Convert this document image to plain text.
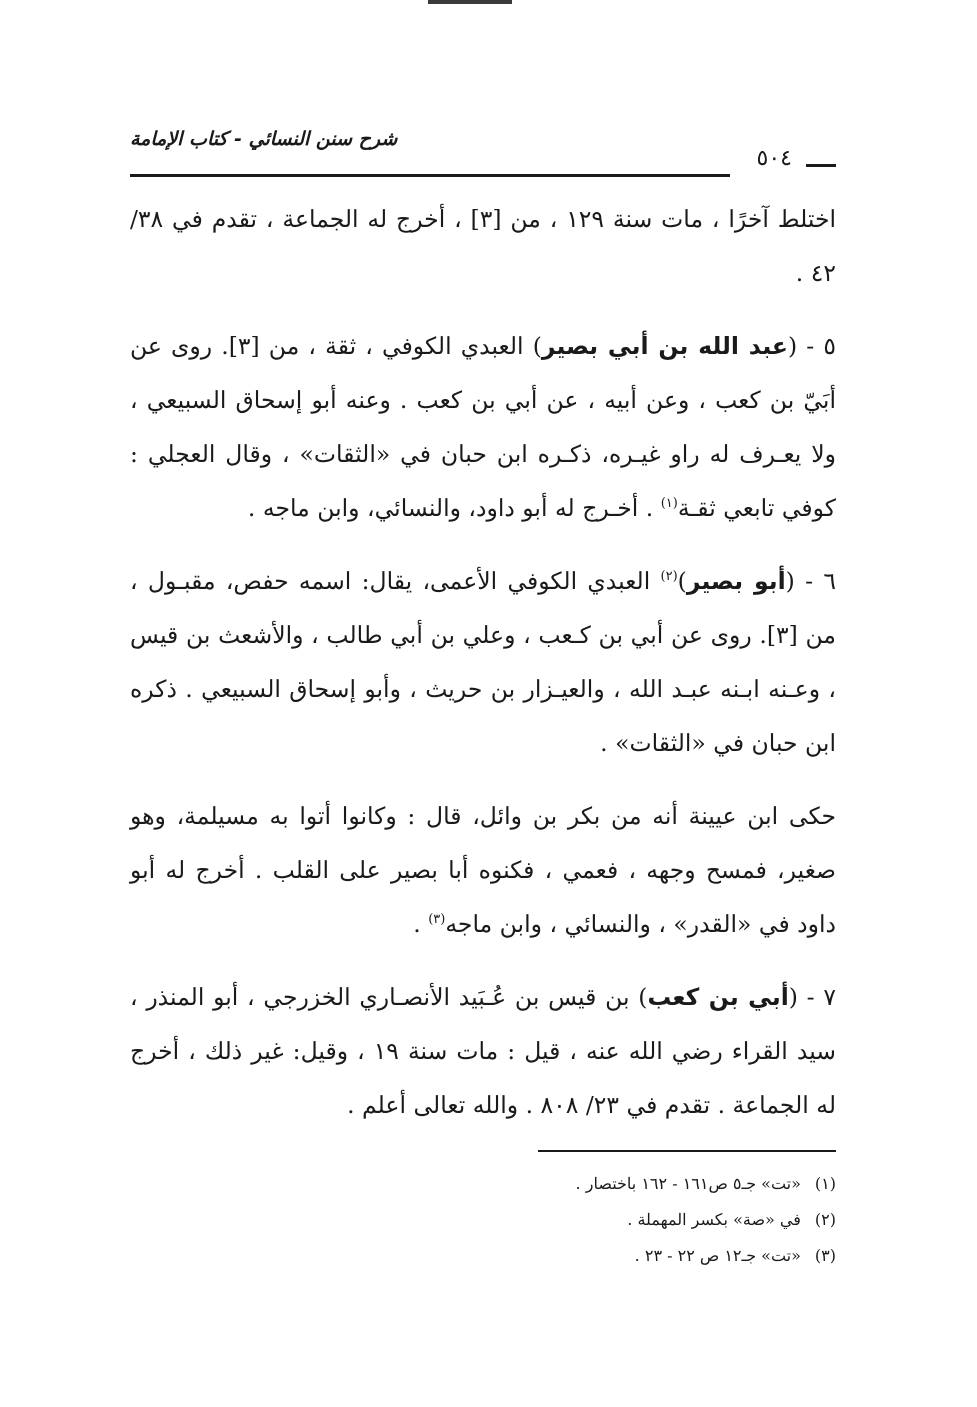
شرح سنن النسائي - كتاب الإمامة
٥٠٤

اختلط آخرًا ، مات سنة ١٢٩ ، من [٣] ، أخرج له الجماعة ، تقدم في ٣٨/ ٤٢ .

٥ - (عبد الله بن أبي بصير) العبدي الكوفي ، ثقة ، من [٣]. روى عن أبَيّ بن كعب ، وعن أبيه ، عن أبي بن كعب . وعنه أبو إسحاق السبيعي ، ولا يعـرف له راو غيـره، ذكـره ابن حبان في «الثقات» ، وقال العجلي : كوفي تابعي ثقـة$^{(١)}$ . أخـرج له أبو داود، والنسائي، وابن ماجه .

٦ - (أبو بصير)$^{(٢)}$ العبدي الكوفي الأعمى، يقال: اسمه حفص، مقبـول ، من [٣]. روى عن أبي بن كـعب ، وعلي بن أبي طالب ، والأشعث بن قيس ، وعـنه ابـنه عبـد الله ، والعيـزار بن حريث ، وأبو إسحاق السبيعي . ذكره ابن حبان في «الثقات» .

حكى ابن عيينة أنه من بكر بن وائل، قال : وكانوا أتوا به مسيلمة، وهو صغير، فمسح وجهه ، فعمي ، فكنوه أبا بصير على القلب . أخرج له أبو داود في «القدر» ، والنسائي ، وابن ماجه$^{(٣)}$ .

٧ - (أبي بن كعب) بن قيس بن عُـبَيد الأنصـاري الخزرجي ، أبو المنذر ، سيد القراء رضي الله عنه ، قيل : مات سنة ١٩ ، وقيل: غير ذلك ، أخرج له الجماعة . تقدم في ٢٣/ ٨٠٨ . والله تعالى أعلم .

(١)«تت» جـ٥ ص١٦١ - ١٦٢ باختصار .
(٢)في «صة» بكسر المهملة .
(٣)«تت» جـ١٢ ص ٢٢ - ٢٣ .
